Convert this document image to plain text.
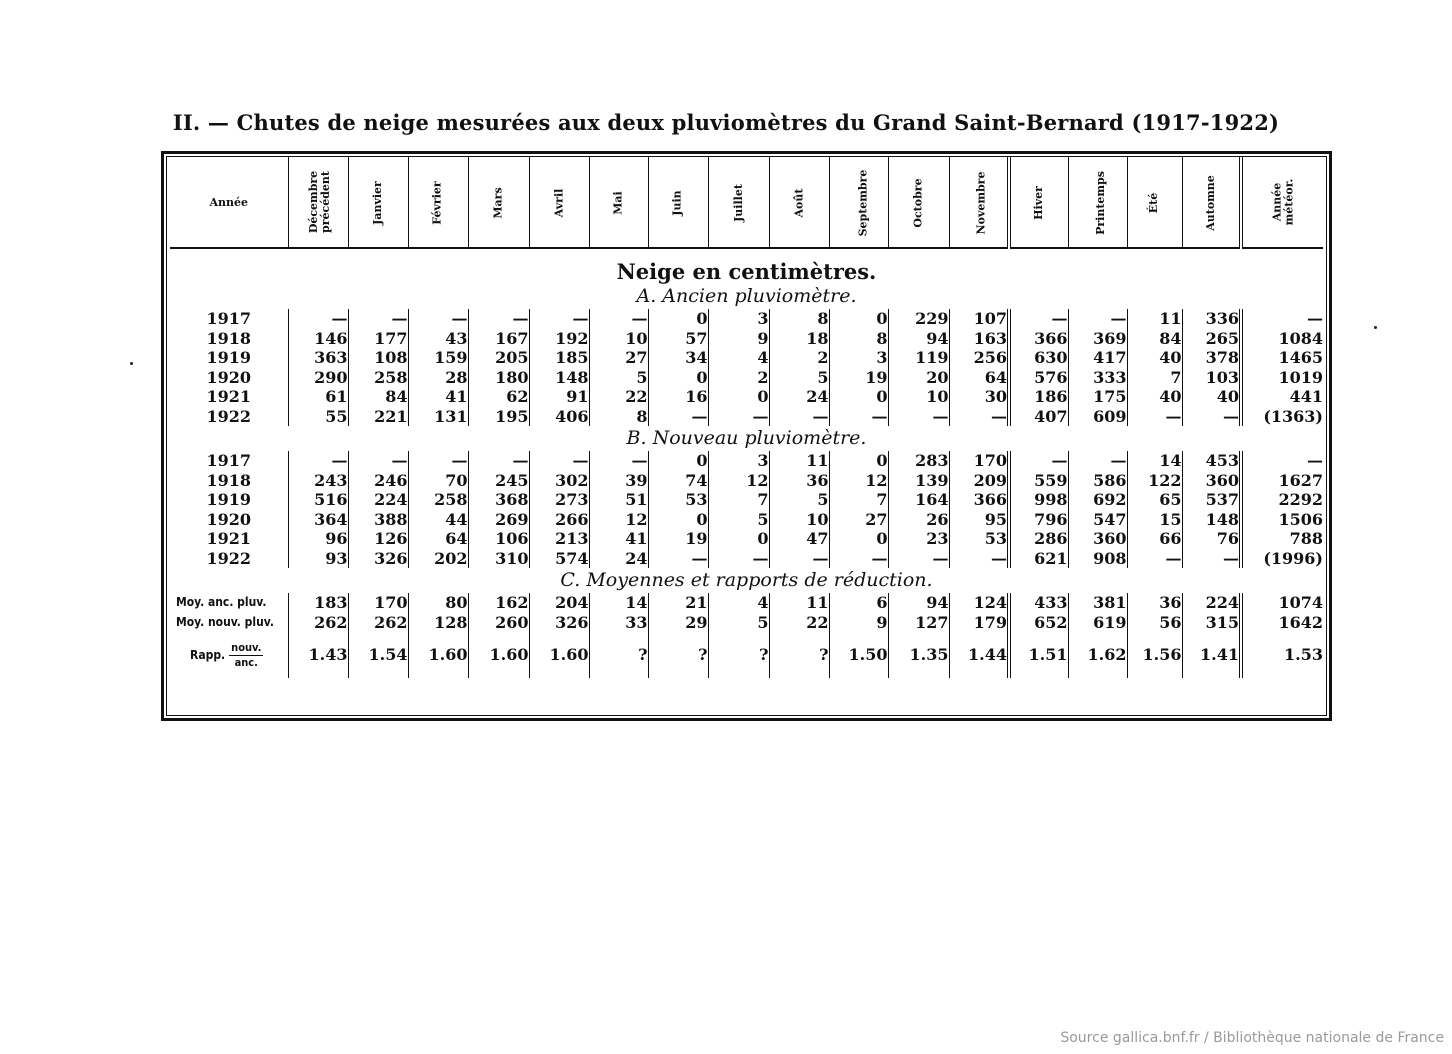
II. — Chutes de neige mesurées aux deux pluviomètres du Grand Saint-Bernard (1917-1922)
Année	Décembre
précédent	Janvier	Février	Mars	Avril	Mai	Juin	Juillet	Août	Septembre	Octobre	Novembre	Hiver	Printemps	Été	Automne	Année
météor.

Neige en centimètres.																	
A. Ancien pluviomètre.																	
1917	—	—	—	—	—	—	0	3	8	0	229	107	—	—	11	336	—
1918	146	177	43	167	192	10	57	9	18	8	94	163	366	369	84	265	1084
1919	363	108	159	205	185	27	34	4	2	3	119	256	630	417	40	378	1465
1920	290	258	28	180	148	5	0	2	5	19	20	64	576	333	7	103	1019
1921	61	84	41	62	91	22	16	0	24	0	10	30	186	175	40	40	441
1922	55	221	131	195	406	8	—	—	—	—	—	—	407	609	—	—	(1363)
B. Nouveau pluviomètre.																	
1917	—	—	—	—	—	—	0	3	11	0	283	170	—	—	14	453	—
1918	243	246	70	245	302	39	74	12	36	12	139	209	559	586	122	360	1627
1919	516	224	258	368	273	51	53	7	5	7	164	366	998	692	65	537	2292
1920	364	388	44	269	266	12	0	5	10	27	26	95	796	547	15	148	1506
1921	96	126	64	106	213	41	19	0	47	0	23	53	286	360	66	76	788
1922	93	326	202	310	574	24	—	—	—	—	—	—	621	908	—	—	(1996)
C. Moyennes et rapports de réduction.																	
Moy. anc. pluv.	183	170	80	162	204	14	21	4	11	6	94	124	433	381	36	224	1074
Moy. nouv. pluv.	262	262	128	260	326	33	29	5	22	9	127	179	652	619	56	315	1642
Rapp. $\frac{\text{nouv.}}{\text{anc.}}$	1.43	1.54	1.60	1.60	1.60	?	?	?	?	1.50	1.35	1.44	1.51	1.62	1.56	1.41	1.53
Source gallica.bnf.fr / Bibliothèque nationale de France
